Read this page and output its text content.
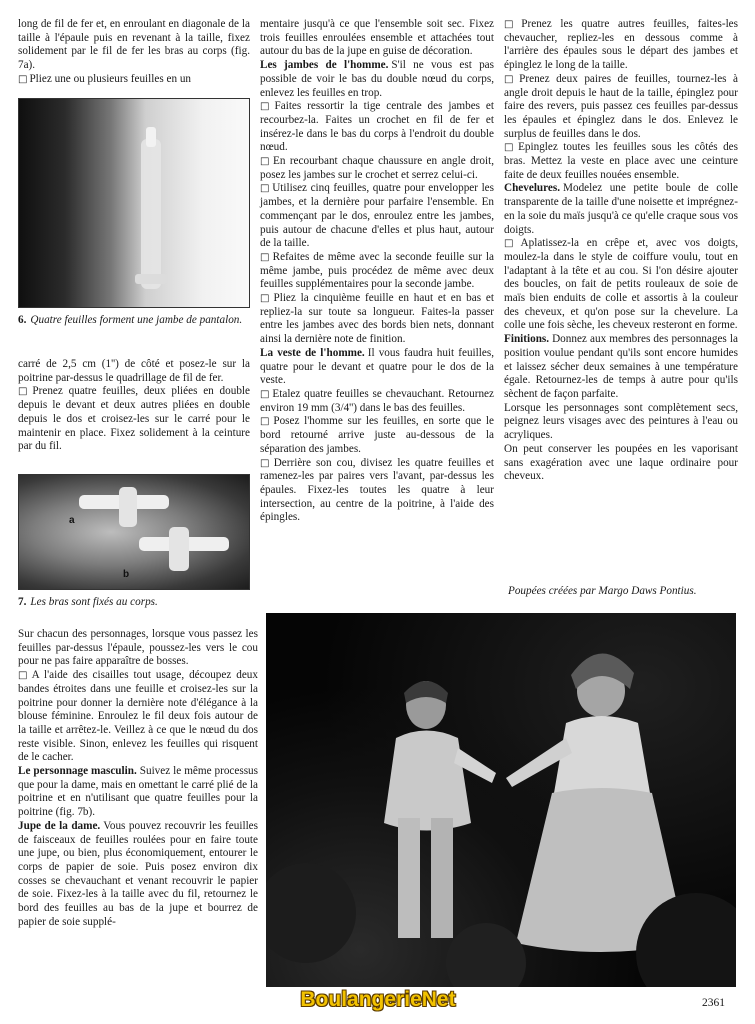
long de fil de fer et, en enroulant en diagonale de la taille à l'épaule puis en revenant à la taille, fixez solidement par le fil de fer les bras au corps (fig. 7a).

□ Pliez une ou plusieurs feuilles en un

6. Quatre feuilles forment une jambe de pantalon.

carré de 2,5 cm (1'') de côté et posez-le sur la poitrine par-dessus le quadrillage de fil de fer.

□ Prenez quatre feuilles, deux pliées en double depuis le devant et deux autres pliées en double depuis le dos et croisez-les sur le carré pour le maintenir en place. Fixez solidement à la ceinture par du fil.

a
b
7. Les bras sont fixés au corps.

mentaire jusqu'à ce que l'ensemble soit sec. Fixez trois feuilles enroulées ensemble et attachées tout autour du bas de la jupe en guise de décoration.

Les jambes de l'homme. S'il ne vous est pas possible de voir le bas du double nœud du corps, enlevez les feuilles en trop.

□ Faites ressortir la tige centrale des jambes et recourbez-la. Faites un crochet en fil de fer et insérez-le dans le bas du corps à l'endroit du double nœud.

□ En recourbant chaque chaussure en angle droit, posez les jambes sur le crochet et serrez celui-ci.

□ Utilisez cinq feuilles, quatre pour envelopper les jambes, et la dernière pour parfaire l'ensemble. En commençant par le dos, enroulez entre les jambes, puis autour de chacune d'elles et plus haut, autour de la taille.

□ Refaites de même avec la seconde feuille sur la même jambe, puis procédez de même avec deux feuilles supplémentaires pour la seconde jambe.

□ Pliez la cinquième feuille en haut et en bas et repliez-la sur toute sa longueur. Faites-la passer entre les jambes avec des bords bien nets, donnant ainsi la dernière note de finition.

La veste de l'homme. Il vous faudra huit feuilles, quatre pour le devant et quatre pour le dos de la veste.

□ Etalez quatre feuilles se chevauchant. Retournez environ 19 mm (3/4'') dans le bas des feuilles.

□ Posez l'homme sur les feuilles, en sorte que le bord retourné arrive juste au-dessous de la séparation des jambes.

□ Derrière son cou, divisez les quatre feuilles et ramenez-les par paires vers l'avant, par-dessus les épaules. Fixez-les toutes les quatre à leur intersection, au centre de la poitrine, à l'aide des épingles.

□ Prenez les quatre autres feuilles, faites-les chevaucher, repliez-les en dessous comme à l'arrière des épaules sous le départ des jambes et épinglez le long de la taille.

□ Prenez deux paires de feuilles, tournez-les à angle droit depuis le haut de la taille, épinglez pour faire des revers, puis passez ces feuilles par-dessus les épaules et épinglez dans le dos. Enlevez le surplus de feuilles dans le dos.

□ Epinglez toutes les feuilles sous les côtés des bras. Mettez la veste en place avec une ceinture faite de deux feuilles nouées ensemble.

Chevelures. Modelez une petite boule de colle transparente de la taille d'une noisette et imprégnez-en la soie du maïs jusqu'à ce qu'elle craque sous vos doigts.

□ Aplatissez-la en crêpe et, avec vos doigts, moulez-la dans le style de coiffure voulu, tout en l'adaptant à la tête et au cou. Si l'on désire ajouter des boucles, on fait de petits rouleaux de soie de maïs bien enduits de colle et assortis à la couleur des cheveux, et qu'on pose sur la chevelure. La colle une fois sèche, les cheveux resteront en forme.

Finitions. Donnez aux membres des personnages la position voulue pendant qu'ils sont encore humides et laissez sécher deux semaines à une température égale. Retournez-les de temps à autre pour qu'ils sèchent de façon parfaite.

Lorsque les personnages sont complètement secs, peignez leurs visages avec des peintures à l'eau ou acryliques.

On peut conserver les poupées en les vaporisant sans exagération avec une laque ordinaire pour cheveux.

Poupées créées par Margo Daws Pontius.

Sur chacun des personnages, lorsque vous passez les feuilles par-dessus l'épaule, poussez-les vers le cou pour ne pas faire apparaître de bosses.

□ A l'aide des cisailles tout usage, découpez deux bandes étroites dans une feuille et croisez-les sur la poitrine pour donner la dernière note d'élégance à la blouse féminine. Enroulez le fil deux fois autour de la taille et arrêtez-le. Veillez à ce que le nœud du dos reste visible. Sinon, enlevez les feuilles qui risquent de le cacher.

Le personnage masculin. Suivez le même processus que pour la dame, mais en omettant le carré plié de la poitrine et en n'utilisant que quatre feuilles pour la poitrine (fig. 7b).

Jupe de la dame. Vous pouvez recouvrir les feuilles de faisceaux de feuilles roulées pour en faire toute une jupe, ou bien, plus économiquement, entourer le corps de papier de soie. Puis posez environ dix cosses se chevauchant et venant recouvrir le papier de soie. Fixez-les à la taille avec du fil, retournez le bord des feuilles au bas de la jupe et bourrez de papier de soie supplé-

BoulangerieNet	2361
